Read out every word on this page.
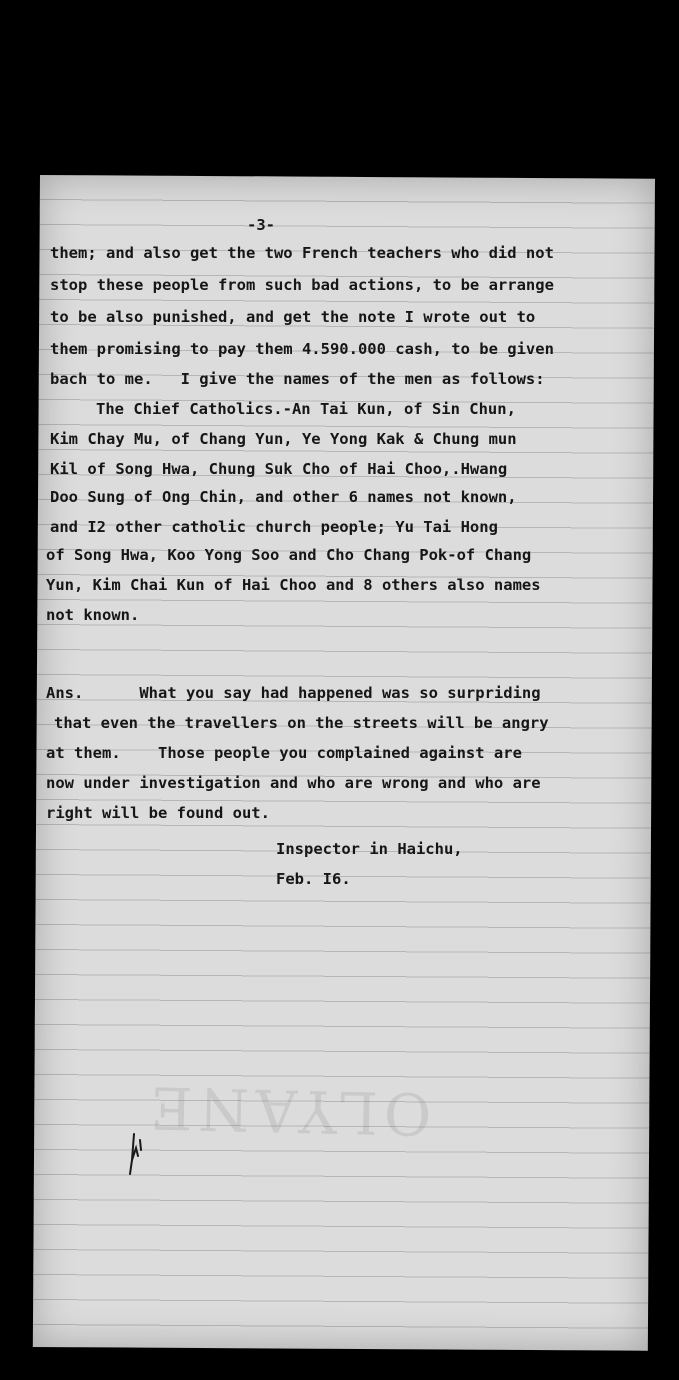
OLYANE
-3-
them; and also get the two French teachers who did not
stop these people from such bad actions, to be arrange
to be also punished, and get the note I wrote out to
them promising to pay them 4.590.000 cash, to be given
bach to me.   I give the names of the men as follows:
The Chief Catholics.-An Tai Kun, of Sin Chun,
Kim Chay Mu, of Chang Yun, Ye Yong Kak & Chung mun
Kil of Song Hwa, Chung Suk Cho of Hai Choo,.Hwang
Doo Sung of Ong Chin, and other 6 names not known,
and I2 other catholic church people; Yu Tai Hong
of Song Hwa, Koo Yong Soo and Cho Chang Pok-of Chang
Yun, Kim Chai Kun of Hai Choo and 8 others also names
not known.
Ans.      What you say had happened was so surpriding
that even the travellers on the streets will be angry
at them.    Those people you complained against are
now under investigation and who are wrong and who are
right will be found out.
Inspector in Haichu,
Feb. I6.
